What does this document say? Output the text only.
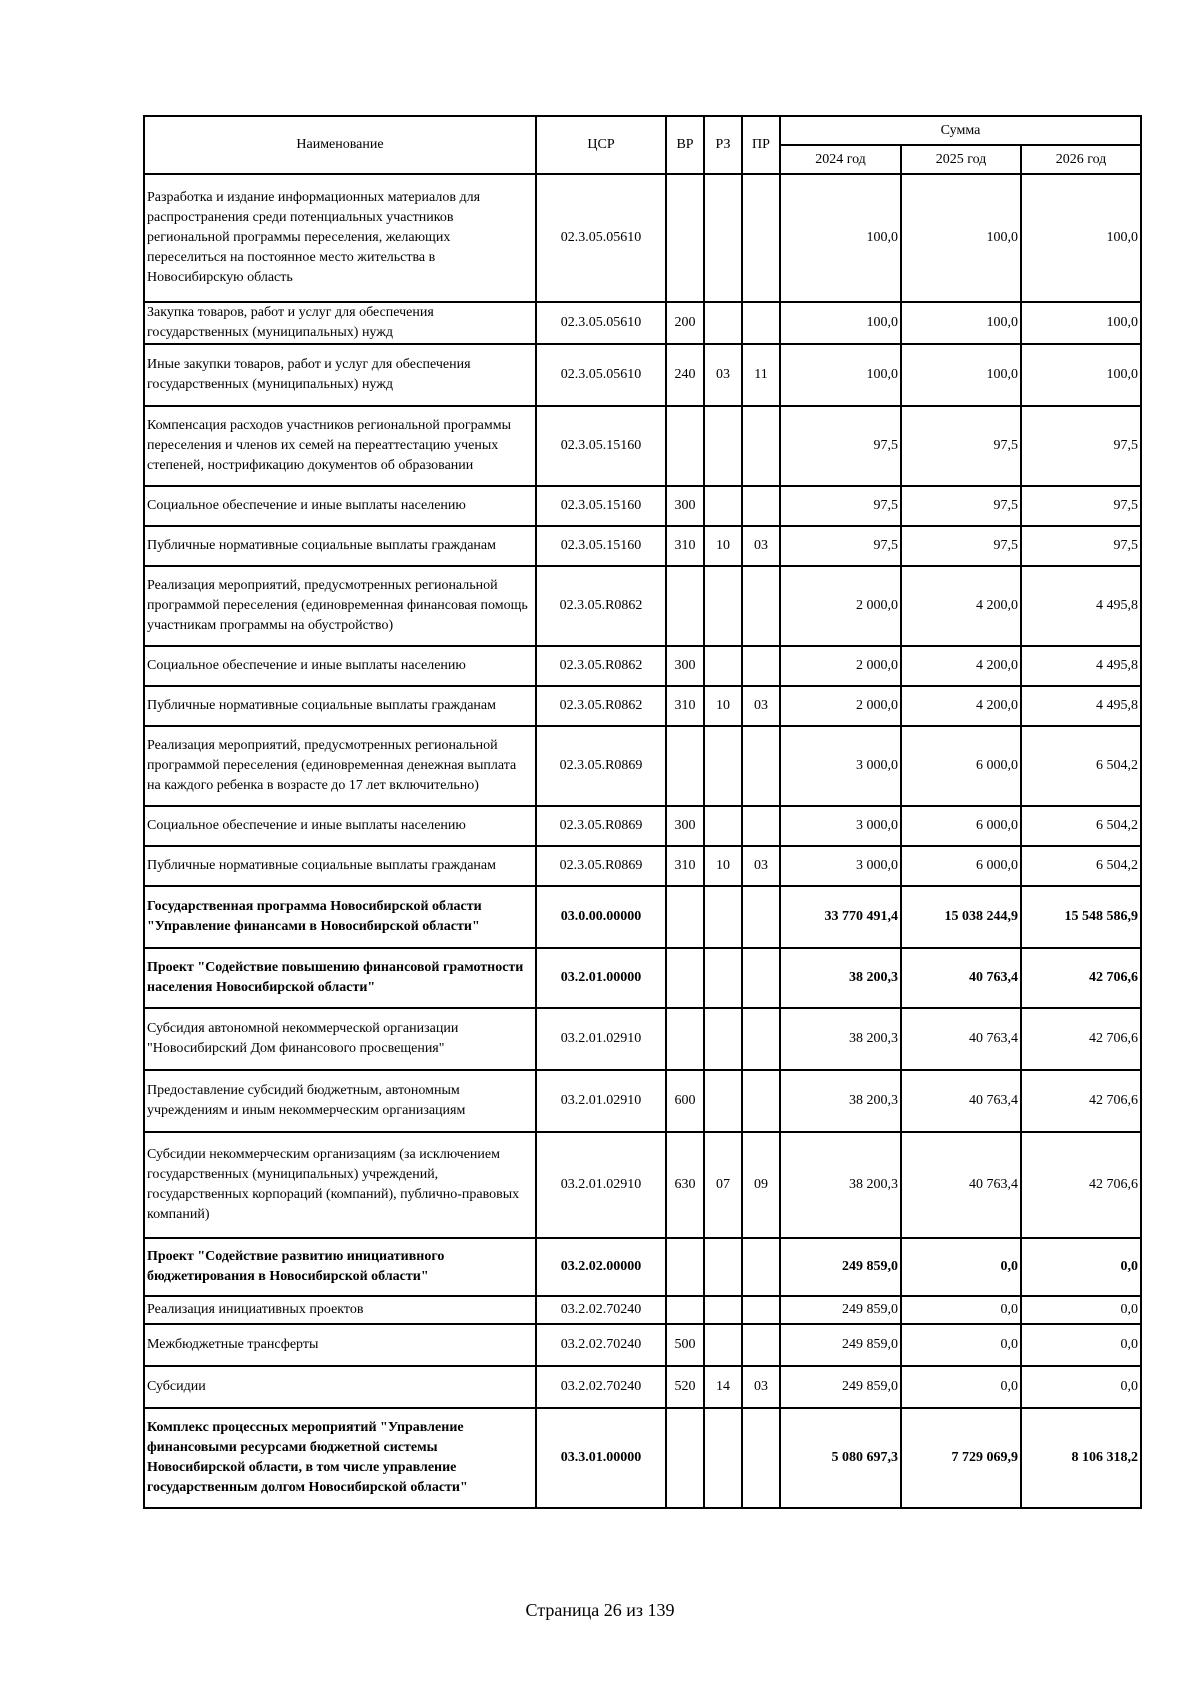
Наименование	ЦСР	ВР	РЗ	ПР	Сумма		
					2024 год	2025 год	2026 год
Разработка и издание информационных материалов для распространения среди потенциальных участников региональной программы переселения, желающих переселиться на постоянное место жительства в Новосибирскую область	02.3.05.05610				100,0	100,0	100,0
Закупка товаров, работ и услуг для обеспечения государственных (муниципальных) нужд	02.3.05.05610	200			100,0	100,0	100,0
Иные закупки товаров, работ и услуг для обеспечения государственных (муниципальных) нужд	02.3.05.05610	240	03	11	100,0	100,0	100,0
Компенсация расходов участников региональной программы переселения и членов их семей на переаттестацию ученых степеней, нострификацию документов об образовании	02.3.05.15160				97,5	97,5	97,5
Социальное обеспечение и иные выплаты населению	02.3.05.15160	300			97,5	97,5	97,5
Публичные нормативные социальные выплаты гражданам	02.3.05.15160	310	10	03	97,5	97,5	97,5
Реализация мероприятий, предусмотренных региональной программой переселения (единовременная финансовая помощь участникам программы на обустройство)	02.3.05.R0862				2 000,0	4 200,0	4 495,8
Социальное обеспечение и иные выплаты населению	02.3.05.R0862	300			2 000,0	4 200,0	4 495,8
Публичные нормативные социальные выплаты гражданам	02.3.05.R0862	310	10	03	2 000,0	4 200,0	4 495,8
Реализация мероприятий, предусмотренных региональной программой переселения (единовременная денежная выплата на каждого ребенка в возрасте до 17 лет включительно)	02.3.05.R0869				3 000,0	6 000,0	6 504,2
Социальное обеспечение и иные выплаты населению	02.3.05.R0869	300			3 000,0	6 000,0	6 504,2
Публичные нормативные социальные выплаты гражданам	02.3.05.R0869	310	10	03	3 000,0	6 000,0	6 504,2
Государственная программа Новосибирской области "Управление финансами в Новосибирской области"	03.0.00.00000				33 770 491,4	15 038 244,9	15 548 586,9
Проект "Содействие повышению финансовой грамотности населения Новосибирской области"	03.2.01.00000				38 200,3	40 763,4	42 706,6
Субсидия автономной некоммерческой организации "Новосибирский Дом финансового просвещения"	03.2.01.02910				38 200,3	40 763,4	42 706,6
Предоставление субсидий бюджетным, автономным учреждениям и иным некоммерческим организациям	03.2.01.02910	600			38 200,3	40 763,4	42 706,6
Субсидии некоммерческим организациям (за исключением государственных (муниципальных) учреждений, государственных корпораций (компаний), публично-правовых компаний)	03.2.01.02910	630	07	09	38 200,3	40 763,4	42 706,6
Проект "Содействие развитию инициативного бюджетирования в Новосибирской области"	03.2.02.00000				249 859,0	0,0	0,0
Реализация инициативных проектов	03.2.02.70240				249 859,0	0,0	0,0
Межбюджетные трансферты	03.2.02.70240	500			249 859,0	0,0	0,0
Субсидии	03.2.02.70240	520	14	03	249 859,0	0,0	0,0
Комплекс процессных мероприятий "Управление финансовыми ресурсами бюджетной системы Новосибирской области, в том числе управление государственным долгом Новосибирской области"	03.3.01.00000				5 080 697,3	7 729 069,9	8 106 318,2
Страница 26 из 139
